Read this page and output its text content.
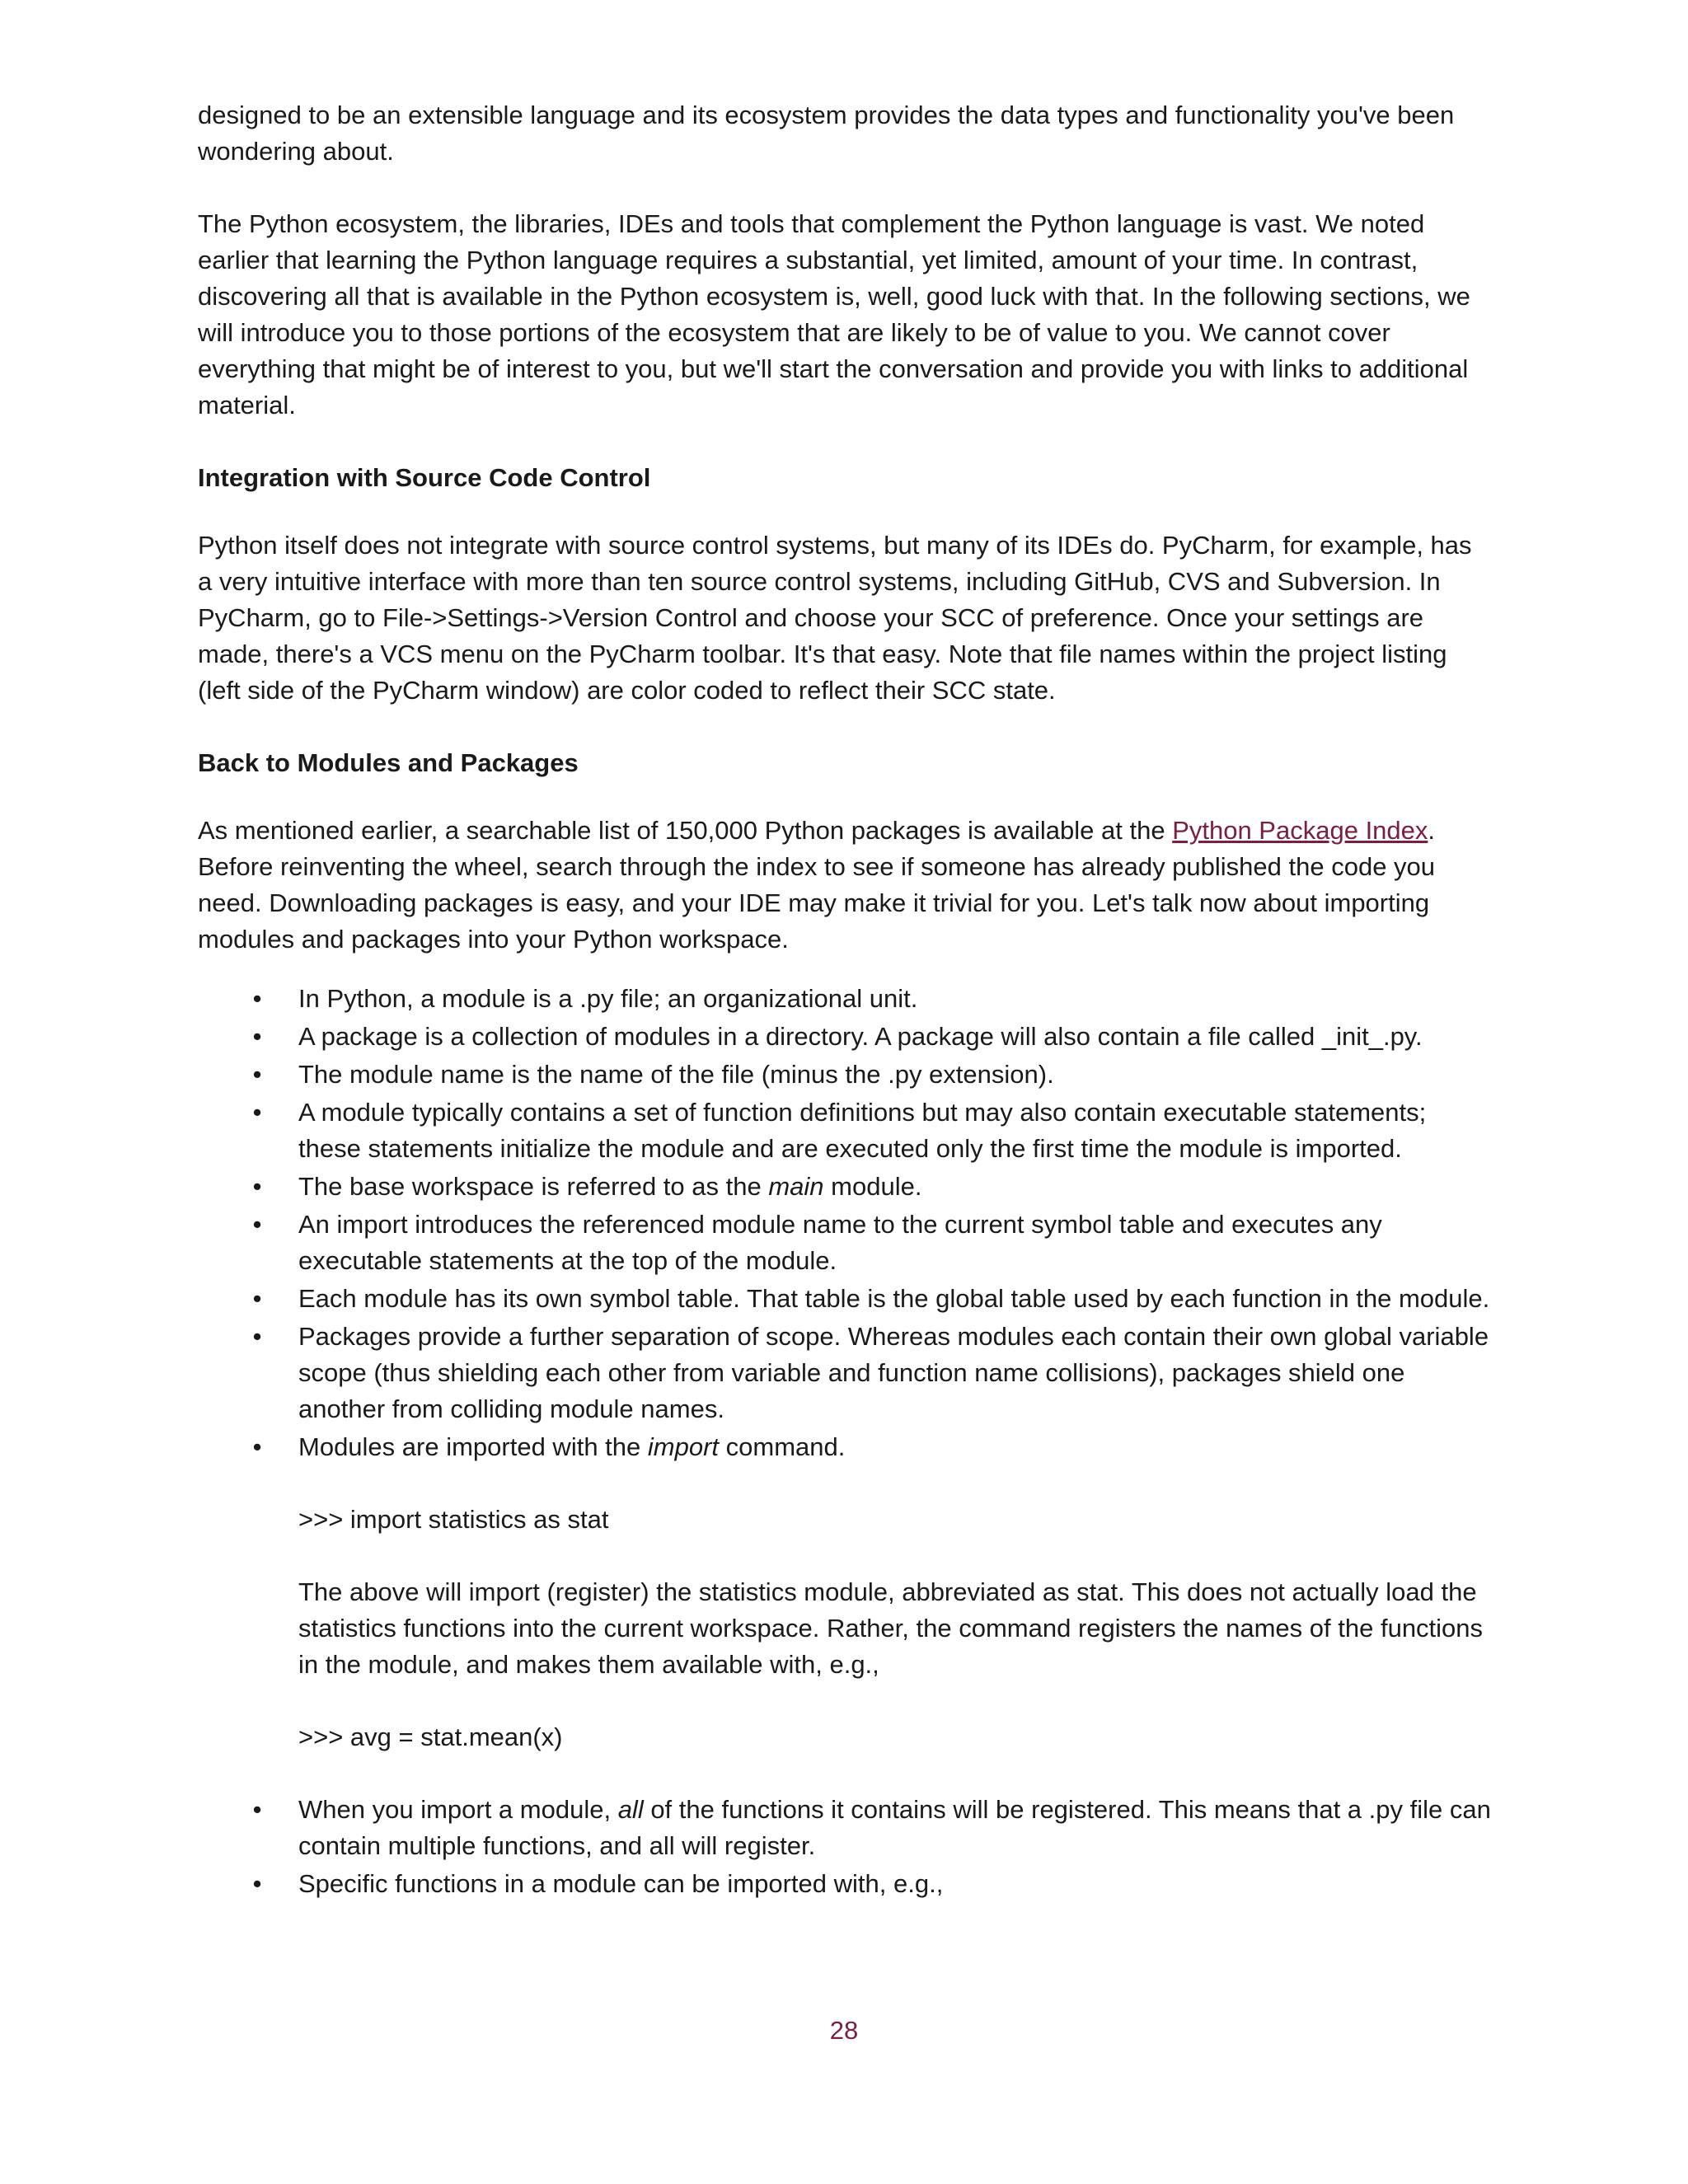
designed to be an extensible language and its ecosystem provides the data types and functionality you've been wondering about.

The Python ecosystem, the libraries, IDEs and tools that complement the Python language is vast. We noted earlier that learning the Python language requires a substantial, yet limited, amount of your time. In contrast, discovering all that is available in the Python ecosystem is, well, good luck with that. In the following sections, we will introduce you to those portions of the ecosystem that are likely to be of value to you. We cannot cover everything that might be of interest to you, but we'll start the conversation and provide you with links to additional material.

Integration with Source Code Control

Python itself does not integrate with source control systems, but many of its IDEs do. PyCharm, for example, has a very intuitive interface with more than ten source control systems, including GitHub, CVS and Subversion. In PyCharm, go to File->Settings->Version Control and choose your SCC of preference. Once your settings are made, there's a VCS menu on the PyCharm toolbar. It's that easy. Note that file names within the project listing (left side of the PyCharm window) are color coded to reflect their SCC state.

Back to Modules and Packages

As mentioned earlier, a searchable list of 150,000 Python packages is available at the Python Package Index. Before reinventing the wheel, search through the index to see if someone has already published the code you need. Downloading packages is easy, and your IDE may make it trivial for you. Let's talk now about importing modules and packages into your Python workspace.

• In Python, a module is a .py file; an organizational unit.
• A package is a collection of modules in a directory. A package will also contain a file called _init_.py.
• The module name is the name of the file (minus the .py extension).
• A module typically contains a set of function definitions but may also contain executable statements; these statements initialize the module and are executed only the first time the module is imported.
• The base workspace is referred to as the main module.
• An import introduces the referenced module name to the current symbol table and executes any executable statements at the top of the module.
• Each module has its own symbol table. That table is the global table used by each function in the module.
• Packages provide a further separation of scope. Whereas modules each contain their own global variable scope (thus shielding each other from variable and function name collisions), packages shield one another from colliding module names.
• Modules are imported with the import command.

>>> import statistics as stat

The above will import (register) the statistics module, abbreviated as stat. This does not actually load the statistics functions into the current workspace. Rather, the command registers the names of the functions in the module, and makes them available with, e.g.,

>>> avg = stat.mean(x)

• When you import a module, all of the functions it contains will be registered. This means that a .py file can contain multiple functions, and all will register.
• Specific functions in a module can be imported with, e.g.,
28
